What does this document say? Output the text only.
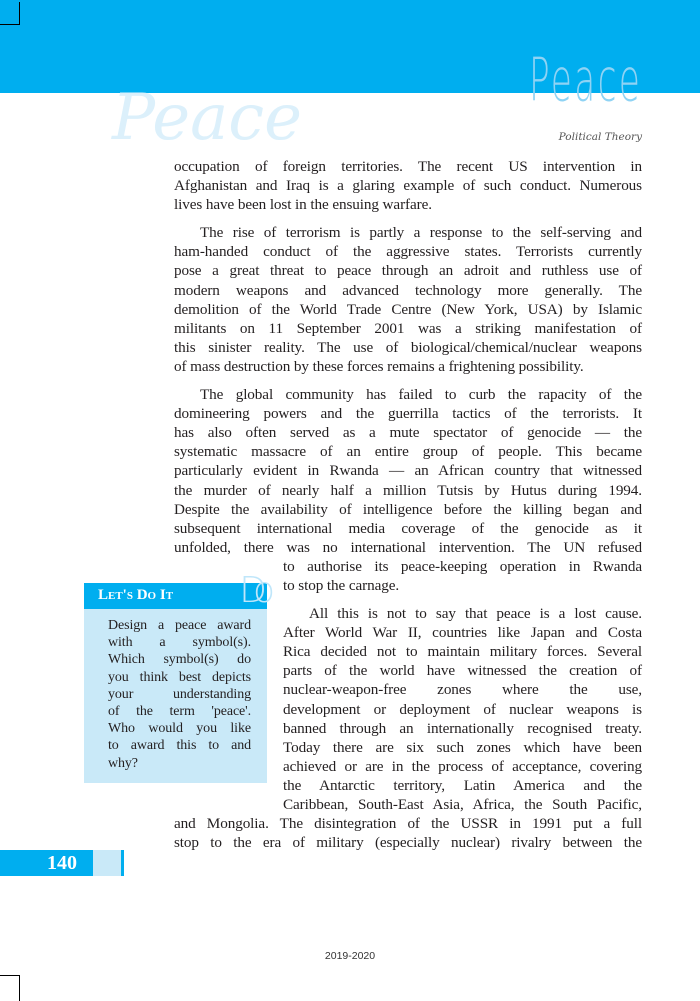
Peace	Peace
Political Theory
occupation of foreign territories. The recent US intervention in
Afghanistan and Iraq is a glaring example of such conduct. Numerous
lives have been lost in the ensuing warfare.
The rise of terrorism is partly a response to the self-serving and
ham-handed conduct of the aggressive states. Terrorists currently
pose a great threat to peace through an adroit and ruthless use of
modern weapons and advanced technology more generally. The
demolition of the World Trade Centre (New York, USA) by Islamic
militants on 11 September 2001 was a striking manifestation of
this sinister reality. The use of biological/chemical/nuclear weapons
of mass destruction by these forces remains a frightening possibility.
The global community has failed to curb the rapacity of the
domineering powers and the guerrilla tactics of the terrorists. It
has also often served as a mute spectator of genocide — the
systematic massacre of an entire group of people. This became
particularly evident in Rwanda — an African country that witnessed
the murder of nearly half a million Tutsis by Hutus during 1994.
Despite the availability of intelligence before the killing began and
subsequent international media coverage of the genocide as it
unfolded, there was no international intervention. The UN refused
to authorise its peace-keeping operation in Rwanda
to stop the carnage.
All this is not to say that peace is a lost cause.
After World War II, countries like Japan and Costa
Rica decided not to maintain military forces. Several
parts of the world have witnessed the creation of
nuclear-weapon-free zones where the use,
development or deployment of nuclear weapons is
banned through an internationally recognised treaty.
Today there are six such zones which have been
achieved or are in the process of acceptance, covering
the Antarctic territory, Latin America and the
Caribbean, South-East Asia, Africa, the South Pacific,
and Mongolia. The disintegration of the USSR in 1991 put a full
stop to the era of military (especially nuclear) rivalry between the
Let's Do It Do
Design a peace award
with a symbol(s).
Which symbol(s) do
you think best depicts
your understanding
of the term 'peace'.
Who would you like
to award this to and
why?
140
2019-2020
